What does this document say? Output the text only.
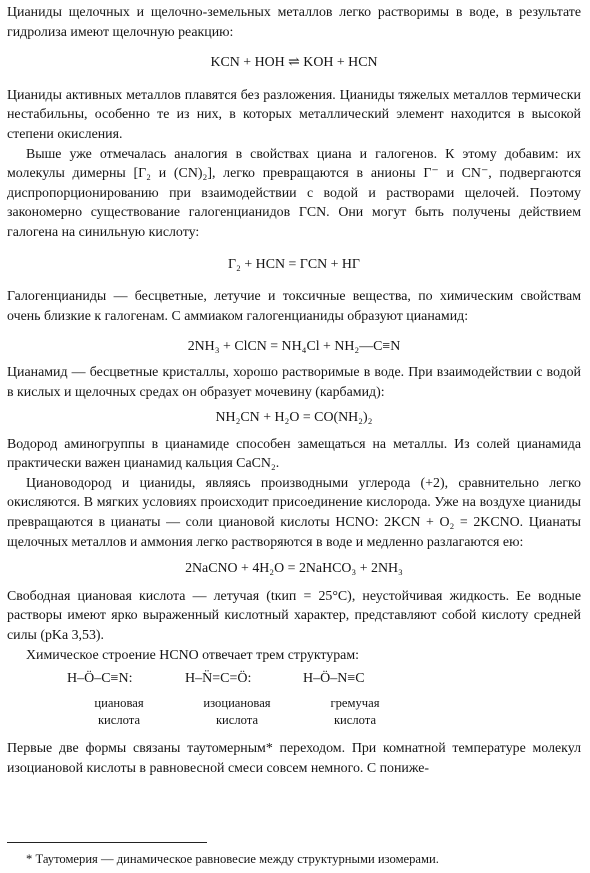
Цианиды щелочных и щелочно-земельных металлов легко растворимы в воде, в результате гидролиза имеют щелочную реакцию:

KCN + HOH ⇌ KOH + HCN

Цианиды активных металлов плавятся без разложения. Цианиды тяжелых металлов термически нестабильны, особенно те из них, в которых металлический элемент находится в высокой степени окисления.

Выше уже отмечалась аналогия в свойствах циана и галогенов. К этому добавим: их молекулы димерны [Г₂ и (CN)₂], легко превращаются в анионы Г⁻ и CN⁻, подвергаются диспропорционированию при взаимодействии с водой и растворами щелочей. Поэтому закономерно существование галогенцианидов ГCN. Они могут быть получены действием галогена на синильную кислоту:

Г₂ + HCN = ГCN + HГ

Галогенцианиды — бесцветные, летучие и токсичные вещества, по химическим свойствам очень близкие к галогенам. С аммиаком галогенцианиды образуют цианамид:

2NH₃ + ClCN = NH₄Cl + NH₂—C≡N

Цианамид — бесцветные кристаллы, хорошо растворимые в воде. При взаимодействии с водой в кислых и щелочных средах он образует мочевину (карбамид):

NH₂CN + H₂O = CO(NH₂)₂

Водород аминогруппы в цианамиде способен замещаться на металлы. Из солей цианамида практически важен цианамид кальция CaCN₂.

Циановодород и цианиды, являясь производными углерода (+2), сравнительно легко окисляются. В мягких условиях происходит присоединение кислорода. Уже на воздухе цианиды превращаются в цианаты — соли циановой кислоты HCNO: 2KCN + O₂ = 2KCNO. Цианаты щелочных металлов и аммония легко растворяются в воде и медленно разлагаются ею:

2NaCNO + 4H₂O = 2NaHCO₃ + 2NH₃

Свободная циановая кислота — летучая (tкип = 25°C), неустойчивая жидкость. Ее водные растворы имеют ярко выраженный кислотный характер, представляют собой кислоту средней силы (pKa 3,53).

Химическое строение HCNO отвечает трем структурам:

H–Ö–C≡N:
циановая
кислота
H–N̈=C=Ö:
изоциановая
кислота
H–Ö–N≡C
гремучая
кислота

Первые две формы связаны таутомерным* переходом. При комнатной температуре молекул изоциановой кислоты в равновесной смеси совсем немного. С пониже-

* Таутомерия — динамическое равновесие между структурными изомерами.
